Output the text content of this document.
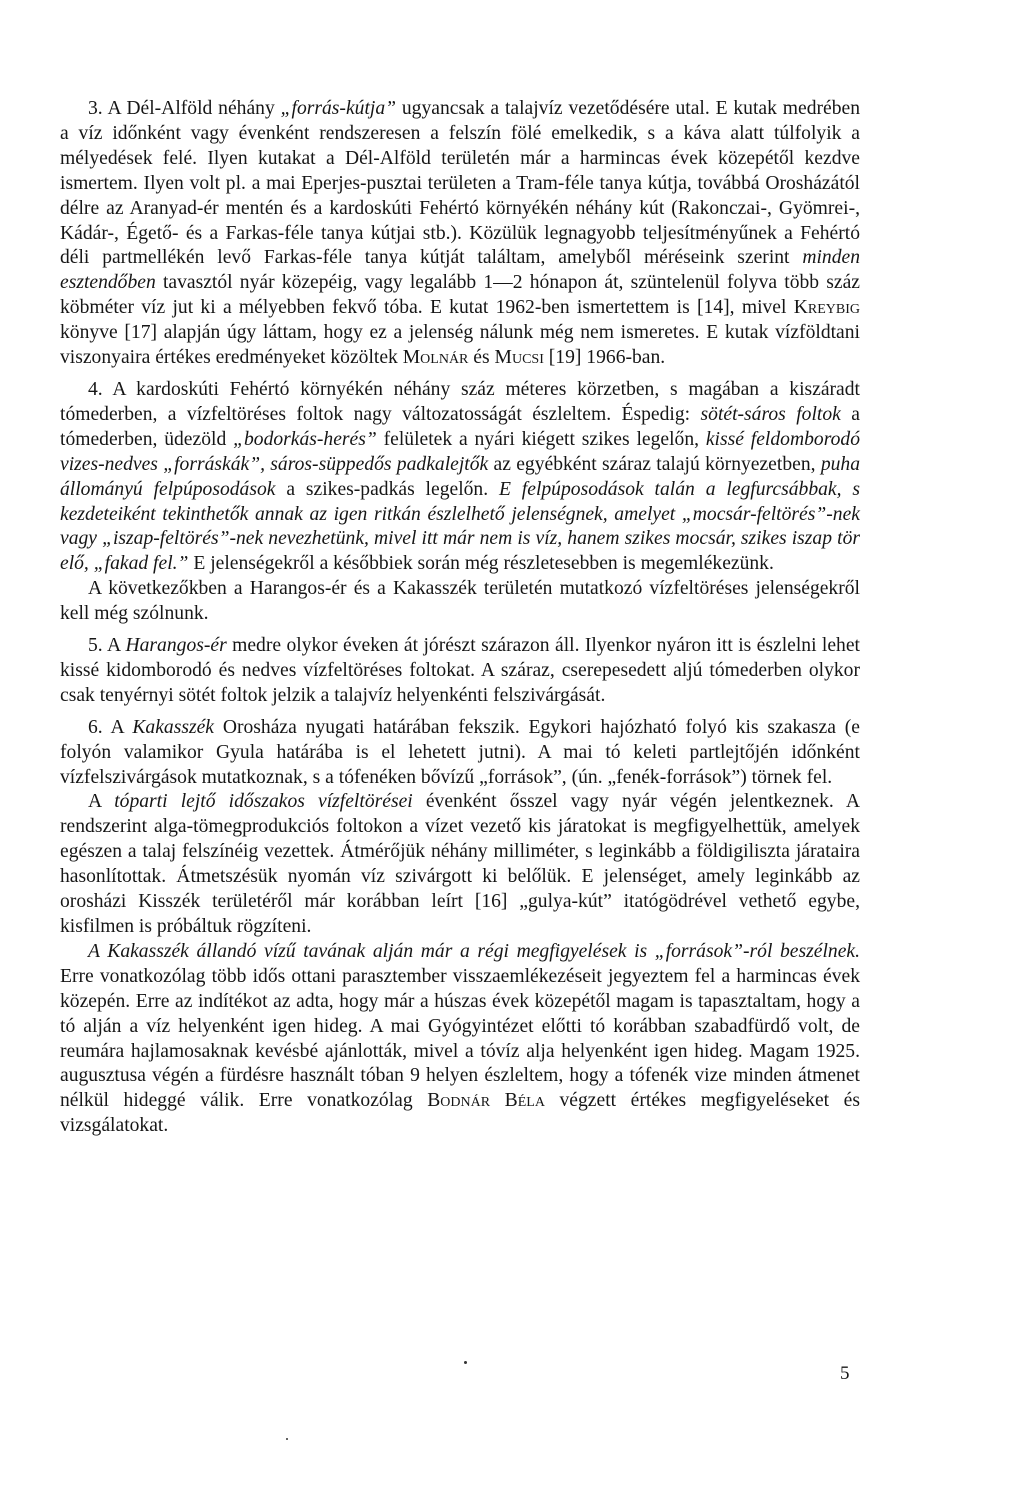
3. A Dél-Alföld néhány „forrás-kútja” ugyancsak a talajvíz vezetődésére utal. E kutak medrében a víz időnként vagy évenként rendszeresen a felszín fölé emelkedik, s a káva alatt túlfolyik a mélyedések felé. Ilyen kutakat a Dél-Alföld területén már a harmincas évek közepétől kezdve ismertem. Ilyen volt pl. a mai Eperjes-pusztai területen a Tram-féle tanya kútja, továbbá Orosházától délre az Aranyad-ér mentén és a kardoskúti Fehértó környékén néhány kút (Rakonczai-, Gyömrei-, Kádár-, Égető- és a Farkas-féle tanya kútjai stb.). Közülük legnagyobb teljesítményűnek a Fehértó déli partmellékén levő Farkas-féle tanya kútját találtam, amelyből méréseink szerint minden esztendőben tavasztól nyár közepéig, vagy legalább 1—2 hónapon át, szüntelenül folyva több száz köbméter víz jut ki a mélyebben fekvő tóba. E kutat 1962-ben ismertettem is [14], mivel Kreybig könyve [17] alapján úgy láttam, hogy ez a jelenség nálunk még nem ismeretes. E kutak vízföldtani viszonyaira értékes eredményeket közöltek Molnár és Mucsi [19] 1966-ban.

4. A kardoskúti Fehértó környékén néhány száz méteres körzetben, s magában a kiszáradt tómederben, a vízfeltöréses foltok nagy változatosságát észleltem. Éspedig: sötét-sáros foltok a tómederben, üdezöld „bodorkás-herés” felületek a nyári kiégett szikes legelőn, kissé feldomborodó vizes-nedves „forráskák”, sáros-süppedős padkalejtők az egyébként száraz talajú környezetben, puha állományú felpúposodások a szikes-padkás legelőn. E felpúposodások talán a legfurcsábbak, s kezdeteiként tekinthetők annak az igen ritkán észlelhető jelenségnek, amelyet „mocsár-feltörés”-nek vagy „iszap-feltörés”-nek nevezhetünk, mivel itt már nem is víz, hanem szikes mocsár, szikes iszap tör elő, „fakad fel.” E jelenségekről a későbbiek során még részletesebben is megemlékezünk.

A következőkben a Harangos-ér és a Kakasszék területén mutatkozó vízfeltöréses jelenségekről kell még szólnunk.

5. A Harangos-ér medre olykor éveken át jórészt szárazon áll. Ilyenkor nyáron itt is észlelni lehet kissé kidomborodó és nedves vízfeltöréses foltokat. A száraz, cserepesedett aljú tómederben olykor csak tenyérnyi sötét foltok jelzik a talajvíz helyenkénti felszivárgását.

6. A Kakasszék Orosháza nyugati határában fekszik. Egykori hajózható folyó kis szakasza (e folyón valamikor Gyula határába is el lehetett jutni). A mai tó keleti partlejtőjén időnként vízfelszivárgások mutatkoznak, s a tófenéken bővízű „források”, (ún. „fenék-források”) törnek fel.

A tóparti lejtő időszakos vízfeltörései évenként ősszel vagy nyár végén jelentkeznek. A rendszerint alga-tömegprodukciós foltokon a vízet vezető kis járatokat is megfigyelhettük, amelyek egészen a talaj felszínéig vezettek. Átmérőjük néhány milliméter, s leginkább a földigiliszta járataira hasonlítottak. Átmetszésük nyomán víz szivárgott ki belőlük. E jelenséget, amely leginkább az orosházi Kisszék területéről már korábban leírt [16] „gulya-kút” itatógödrével vethető egybe, kisfilmen is próbáltuk rögzíteni.

A Kakasszék állandó vízű tavának alján már a régi megfigyelések is „források”-ról beszélnek. Erre vonatkozólag több idős ottani parasztember visszaemlékezéseit jegyeztem fel a harmincas évek közepén. Erre az indítékot az adta, hogy már a húszas évek közepétől magam is tapasztaltam, hogy a tó alján a víz helyenként igen hideg. A mai Gyógyintézet előtti tó korábban szabadfürdő volt, de reumára hajlamosaknak kevésbé ajánlották, mivel a tóvíz alja helyenként igen hideg. Magam 1925. augusztusa végén a fürdésre használt tóban 9 helyen észleltem, hogy a tófenék vize minden átmenet nélkül hideggé válik. Erre vonatkozólag Bodnár Béla végzett értékes megfigyeléseket és vizsgálatokat.

5
